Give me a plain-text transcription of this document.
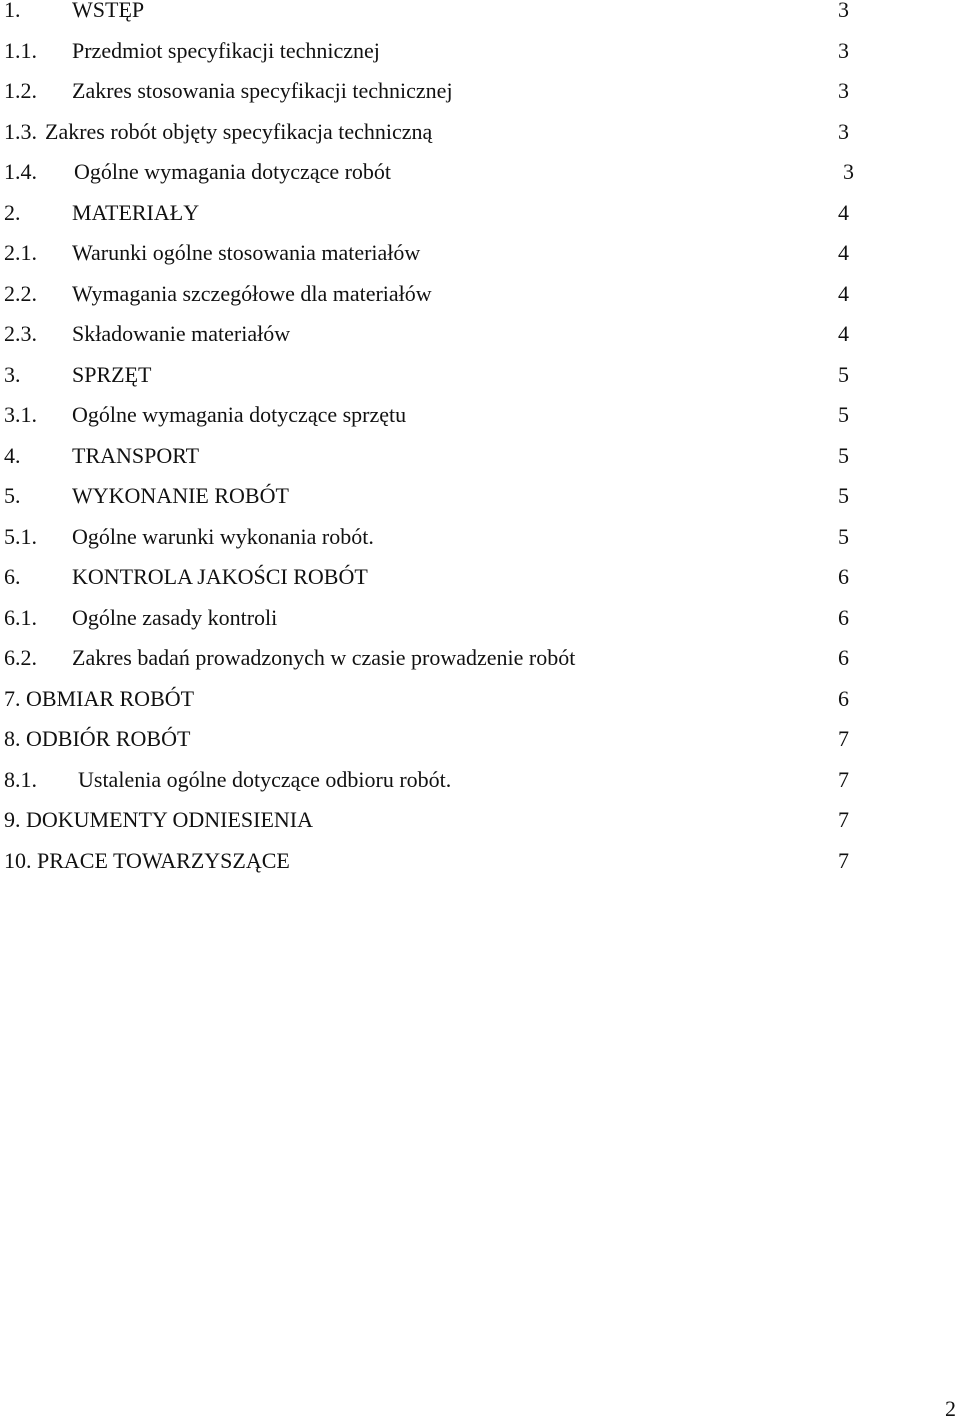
1. WSTĘP	3
1.1. Przedmiot specyfikacji technicznej	3
1.2. Zakres stosowania specyfikacji technicznej	3
1.3. Zakres robót objęty specyfikacja techniczną	3
1.4. Ogólne wymagania dotyczące robót	3
2. MATERIAŁY	4
2.1. Warunki ogólne stosowania materiałów	4
2.2. Wymagania szczegółowe dla materiałów	4
2.3. Składowanie materiałów	4
3. SPRZĘT	5
3.1. Ogólne wymagania dotyczące sprzętu	5
4. TRANSPORT	5
5. WYKONANIE ROBÓT	5
5.1. Ogólne warunki wykonania robót.	5
6. KONTROLA JAKOŚCI ROBÓT	6
6.1. Ogólne zasady kontroli	6
6.2. Zakres badań prowadzonych w czasie prowadzenie robót	6
7. OBMIAR ROBÓT	6
8. ODBIÓR ROBÓT	7
8.1. Ustalenia ogólne dotyczące odbioru robót.	7
9. DOKUMENTY ODNIESIENIA	7
10. PRACE TOWARZYSZĄCE	7
2
